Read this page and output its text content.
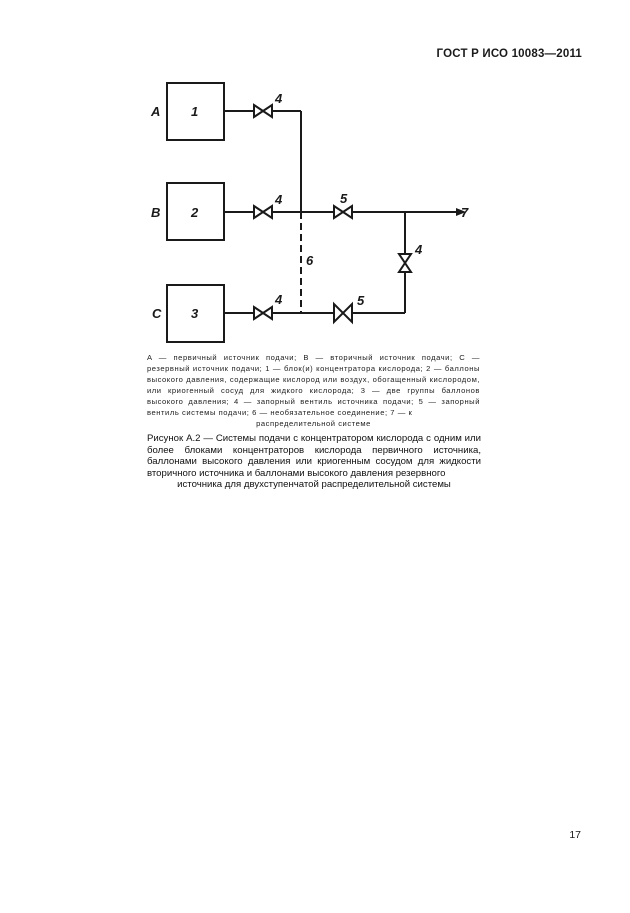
ГОСТ Р ИСО 10083—2011
A
B
C
1
2
3
4
4
4
4
5
5
6
7
A — первичный источник подачи; B — вторичный источник подачи; C — резервный источник подачи; 1 — блок(и) концентратора кислорода; 2 — баллоны высокого давления, содержащие кислород или воздух, обогащенный кислородом, или криогенный сосуд для жидкого кислорода; 3 — две группы баллонов высокого давления; 4 — запорный вентиль источника подачи; 5 — запорный вентиль системы подачи; 6 — необязательное соединение; 7 — к
распределительной системе
Рисунок А.2 — Системы подачи с концентратором кислорода с одним или более блоками концентраторов кислорода первичного источника, баллонами высокого давления или криогенным сосудом для жидкости вторичного источника и баллонами высокого давления резервного
источника для двухступенчатой распределительной системы
17
